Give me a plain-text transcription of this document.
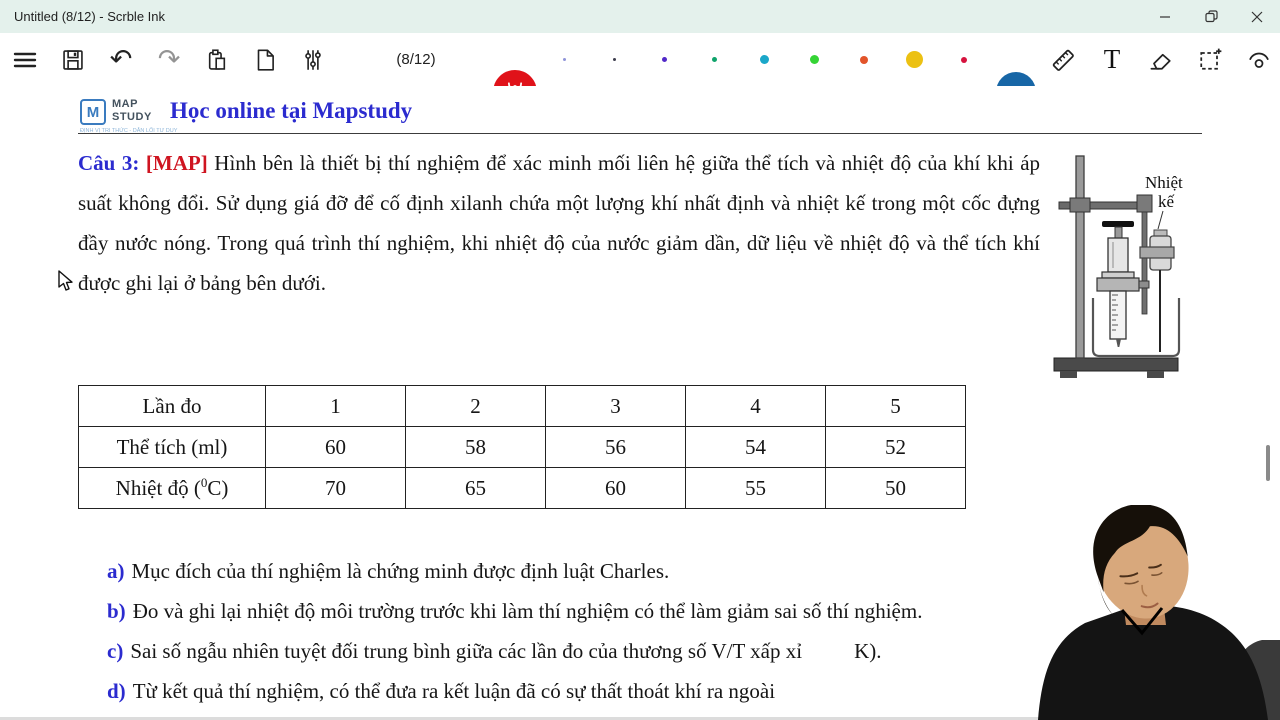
Untitled (8/12) - Scrble Ink
↶ ↷	(8/12)	T
M	MAP
STUDY
ĐỊNH VỊ TRI THỨC - DẪN LỐI TƯ DUY
Học online tại Mapstudy
Câu 3: [MAP] Hình bên là thiết bị thí nghiệm để xác minh mối liên hệ giữa thể tích và nhiệt độ của khí khi áp suất không đổi. Sử dụng giá đỡ để cố định xilanh chứa một lượng khí nhất định và nhiệt kế trong một cốc đựng đầy nước nóng. Trong quá trình thí nghiệm, khi nhiệt độ của nước giảm dần, dữ liệu về nhiệt độ và thể tích khí được ghi lại ở bảng bên dưới.
Nhiệt
kế
Lần đo	1	2	3	4	5
Thể tích (ml)	60	58	56	54	52
Nhiệt độ ($^0$C)	70	65	60	55	50
a) Mục đích của thí nghiệm là chứng minh được định luật Charles.
b) Đo và ghi lại nhiệt độ môi trường trước khi làm thí nghiệm có thể làm giảm sai số thí nghiệm.
c) Sai số ngẫu nhiên tuyệt đối trung bình giữa các lần đo của thương số V/T xấp xỉ K).
d) Từ kết quả thí nghiệm, có thể đưa ra kết luận đã có sự thất thoát khí ra ngoài
